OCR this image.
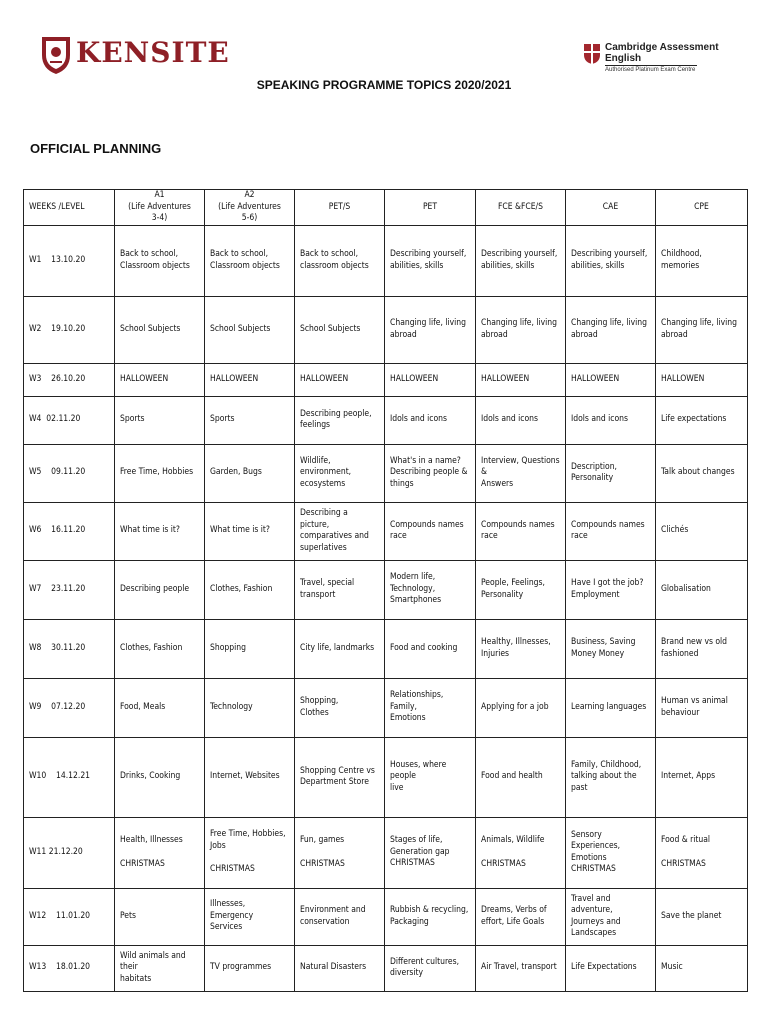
KENSITE	Cambridge Assessment
English
Authorised Platinum Exam Centre
SPEAKING PROGRAMME TOPICS 2020/2021
OFFICIAL PLANNING
WEEKS /LEVEL	A1
(Life Adventures
3-4)	A2
(Life Adventures
5-6)	PET/S	PET	FCE &FCE/S	CAE	CPE

W1    13.10.20	Back to school,
Classroom objects	Back to school,
Classroom objects	Back to school,
classroom objects	Describing yourself,
abilities, skills	Describing yourself,
abilities, skills	Describing yourself,
abilities, skills	Childhood, memories

W2    19.10.20	School Subjects	School Subjects	School Subjects	Changing life, living
abroad	Changing life, living
abroad	Changing life, living
abroad	Changing life, living
abroad

W3    26.10.20	HALLOWEEN	HALLOWEEN	HALLOWEEN	HALLOWEEN	HALLOWEEN	HALLOWEEN	HALLOWEN

W4  02.11.20	Sports	Sports	Describing people,
feelings	Idols and icons	Idols and icons	Idols and icons	Life expectations

W5    09.11.20	Free Time, Hobbies	Garden, Bugs	Wildlife, environment,
ecosystems	What's in a name?
Describing people &
things	Interview, Questions &
Answers	Description,
Personality	Talk about changes

W6    16.11.20	What time is it?	What time is it?	Describing a picture,
comparatives and
superlatives	Compounds names
race	Compounds names
race	Compounds names
race	Clichés

W7    23.11.20	Describing people	Clothes, Fashion	Travel, special
transport	Modern life,
Technology,
Smartphones	People, Feelings,
Personality	Have I got the job?
Employment	Globalisation

W8    30.11.20	Clothes, Fashion	Shopping	City life, landmarks	Food and cooking	Healthy, Illnesses,
Injuries	Business, Saving
Money Money	Brand new vs old
fashioned

W9    07.12.20	Food, Meals	Technology	Shopping,
Clothes	Relationships, Family,
Emotions	Applying for a job	Learning languages	Human vs animal
behaviour

W10    14.12.21	Drinks, Cooking	Internet, Websites	Shopping Centre vs
Department Store	Houses, where people
live	Food and health	Family, Childhood,
talking about the past	Internet, Apps

W11 21.12.20	Health, Illnesses
CHRISTMAS	Free Time, Hobbies,
Jobs
CHRISTMAS	Fun, games
CHRISTMAS	Stages of life,
Generation gap
CHRISTMAS	Animals, Wildlife
CHRISTMAS	Sensory Experiences,
Emotions
CHRISTMAS	Food & ritual
CHRISTMAS

W12    11.01.20	Pets	Illnesses, Emergency
Services	Environment and
conservation	Rubbish & recycling,
Packaging	Dreams, Verbs of
effort, Life Goals	Travel and adventure,
Journeys and
Landscapes	Save the planet

W13    18.01.20	Wild animals and their
habitats	TV programmes	Natural Disasters	Different cultures,
diversity	Air Travel, transport	Life Expectations	Music
